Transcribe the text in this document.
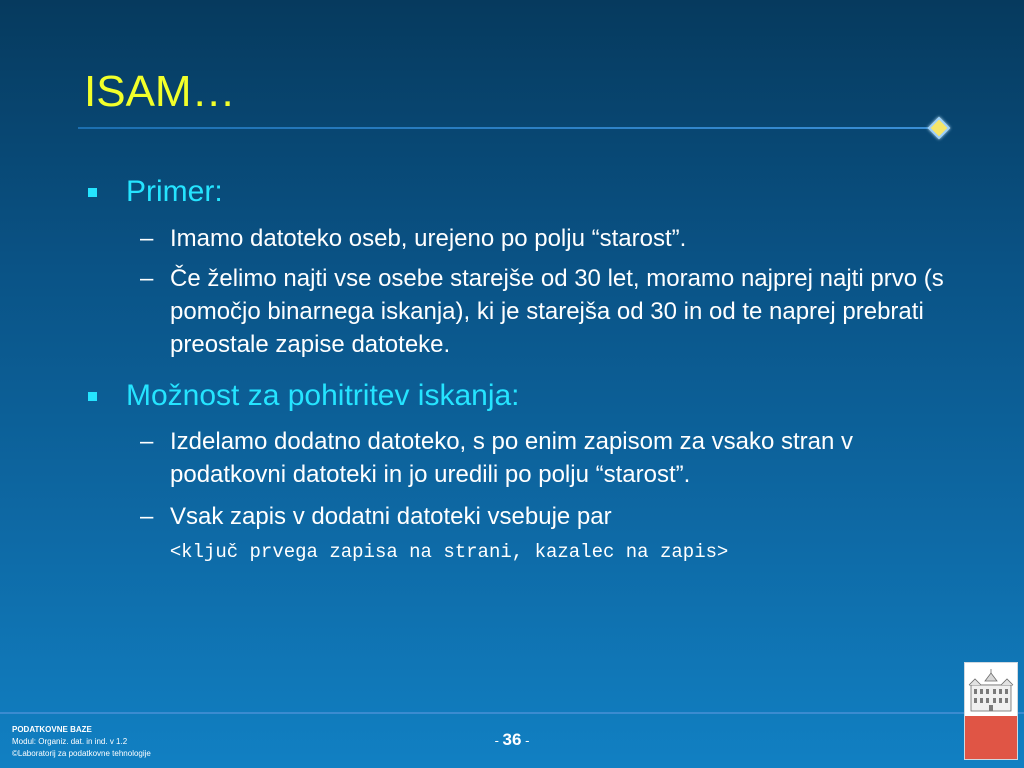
ISAM…
Primer:
– Imamo datoteko oseb, urejeno po polju “starost”.
– Če želimo najti vse osebe starejše od 30 let, moramo najprej najti prvo (s pomočjo binarnega iskanja), ki je starejša od 30 in od te naprej prebrati preostale zapise datoteke.
Možnost za pohitritev iskanja:
– Izdelamo dodatno datoteko, s po enim zapisom za vsako stran v podatkovni datoteki in jo uredili po polju “starost”.
– Vsak zapis v dodatni datoteki vsebuje par
<ključ prvega zapisa na strani, kazalec na zapis>
PODATKOVNE BAZE
Modul: Organiz. dat. in ind. v 1.2
©Laboratorij za podatkovne tehnologije
- 36 -
